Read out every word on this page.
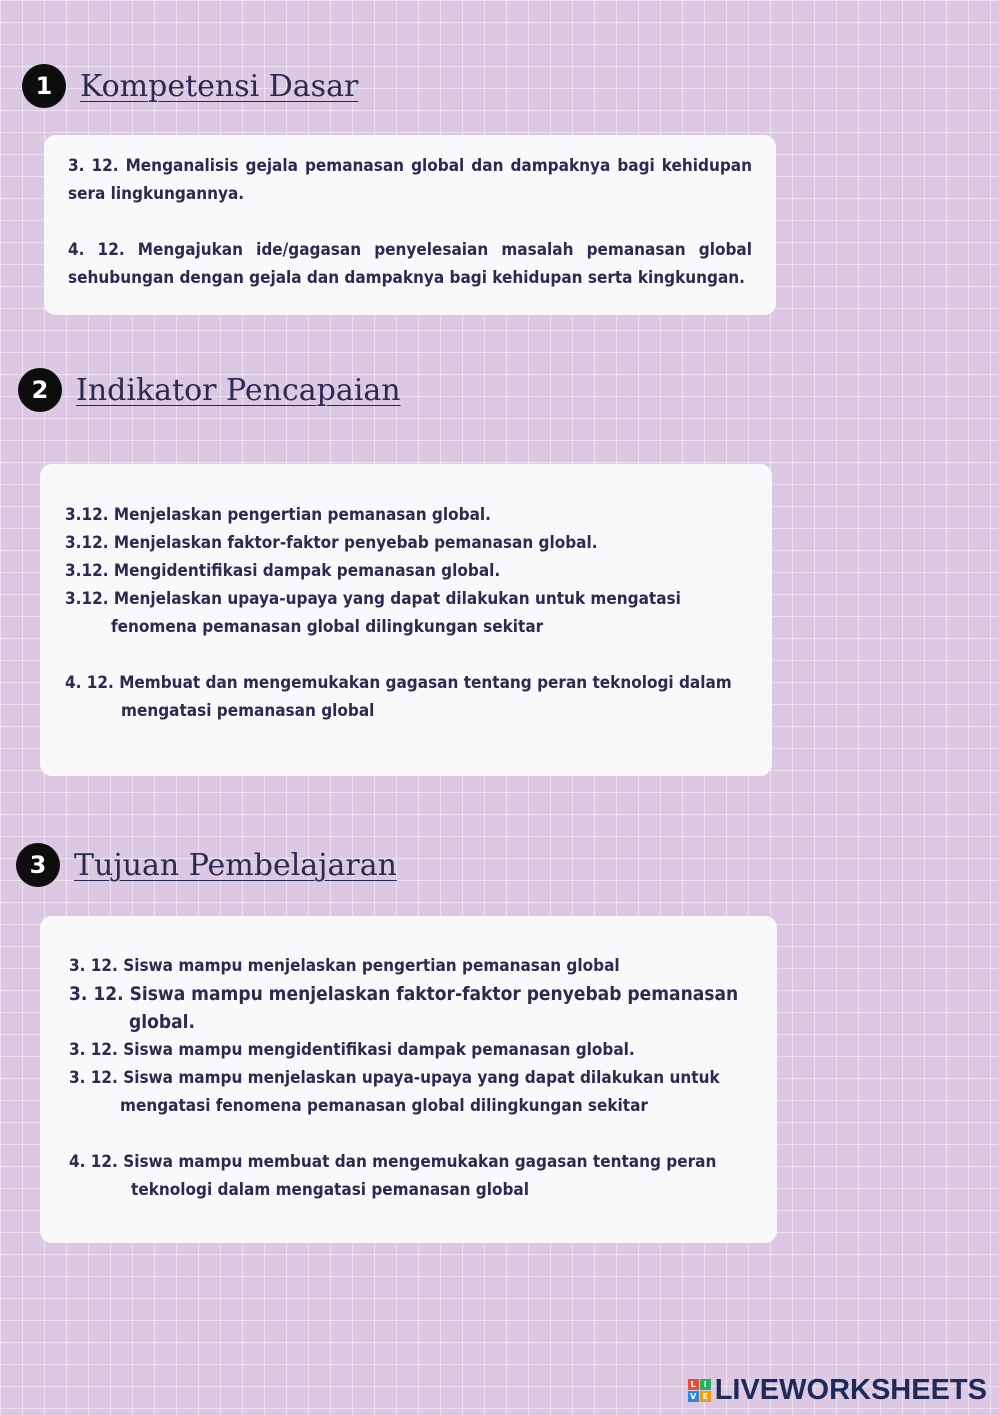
1 Kompetensi Dasar
3. 12. Menganalisis gejala pemanasan global dan dampaknya bagi kehidupan sera lingkungannya.
4. 12. Mengajukan ide/gagasan penyelesaian masalah pemanasan global sehubungan dengan gejala dan dampaknya bagi kehidupan serta kingkungan.
2 Indikator Pencapaian
3.12. Menjelaskan pengertian pemanasan global.
3.12. Menjelaskan faktor-faktor penyebab pemanasan global.
3.12. Mengidentifikasi dampak pemanasan global.
3.12. Menjelaskan upaya-upaya yang dapat dilakukan untuk mengatasi
fenomena pemanasan global dilingkungan sekitar
4. 12. Membuat dan mengemukakan gagasan tentang peran teknologi dalam
mengatasi pemanasan global
3 Tujuan Pembelajaran
3. 12. Siswa mampu menjelaskan pengertian pemanasan global
3. 12. Siswa mampu menjelaskan faktor-faktor penyebab pemanasan
global.
3. 12. Siswa mampu mengidentifikasi dampak pemanasan global.
3. 12. Siswa mampu menjelaskan upaya-upaya yang dapat dilakukan untuk
mengatasi fenomena pemanasan global dilingkungan sekitar
4. 12. Siswa mampu membuat dan mengemukakan gagasan tentang peran
teknologi dalam mengatasi pemanasan global
L I
V E LIVEWORKSHEETS
